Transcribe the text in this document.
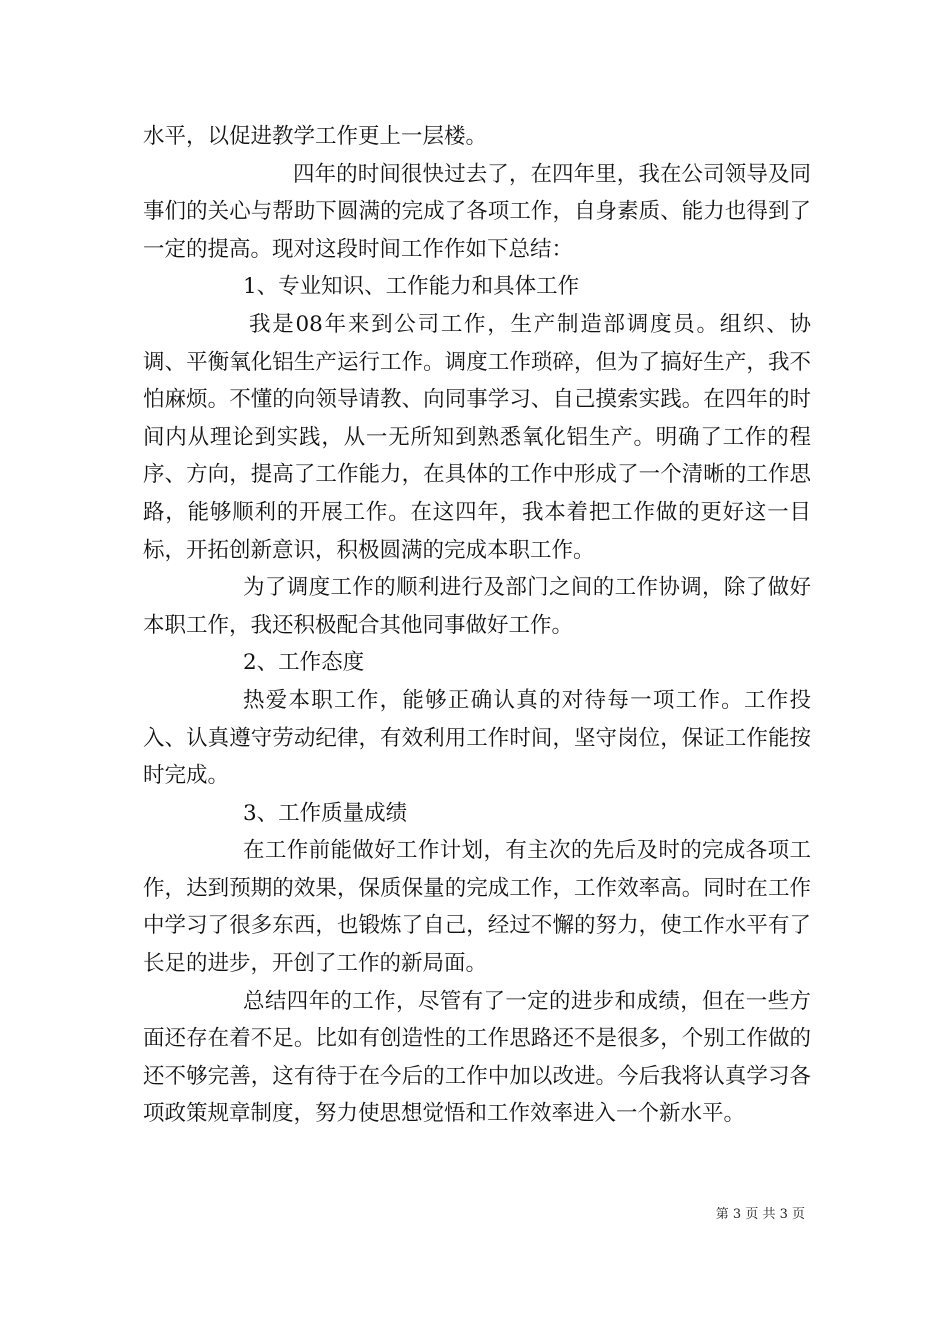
水平，以促进教学工作更上一层楼。

四年的时间很快过去了，在四年里，我在公司领导及同事们的关心与帮助下圆满的完成了各项工作，自身素质、能力也得到了一定的提高。现对这段时间工作作如下总结：

1、专业知识、工作能力和具体工作

我是08年来到公司工作，生产制造部调度员。组织、协调、平衡氧化铝生产运行工作。调度工作琐碎，但为了搞好生产，我不怕麻烦。不懂的向领导请教、向同事学习、自己摸索实践。在四年的时间内从理论到实践，从一无所知到熟悉氧化铝生产。明确了工作的程序、方向，提高了工作能力，在具体的工作中形成了一个清晰的工作思路，能够顺利的开展工作。在这四年，我本着把工作做的更好这一目标，开拓创新意识，积极圆满的完成本职工作。

为了调度工作的顺利进行及部门之间的工作协调，除了做好本职工作，我还积极配合其他同事做好工作。

2、工作态度

热爱本职工作，能够正确认真的对待每一项工作。工作投入、认真遵守劳动纪律，有效利用工作时间，坚守岗位，保证工作能按时完成。

3、工作质量成绩

在工作前能做好工作计划，有主次的先后及时的完成各项工作，达到预期的效果，保质保量的完成工作，工作效率高。同时在工作中学习了很多东西，也锻炼了自己，经过不懈的努力，使工作水平有了长足的进步，开创了工作的新局面。

总结四年的工作，尽管有了一定的进步和成绩，但在一些方面还存在着不足。比如有创造性的工作思路还不是很多，个别工作做的还不够完善，这有待于在今后的工作中加以改进。今后我将认真学习各项政策规章制度，努力使思想觉悟和工作效率进入一个新水平。

第 3 页 共 3 页
